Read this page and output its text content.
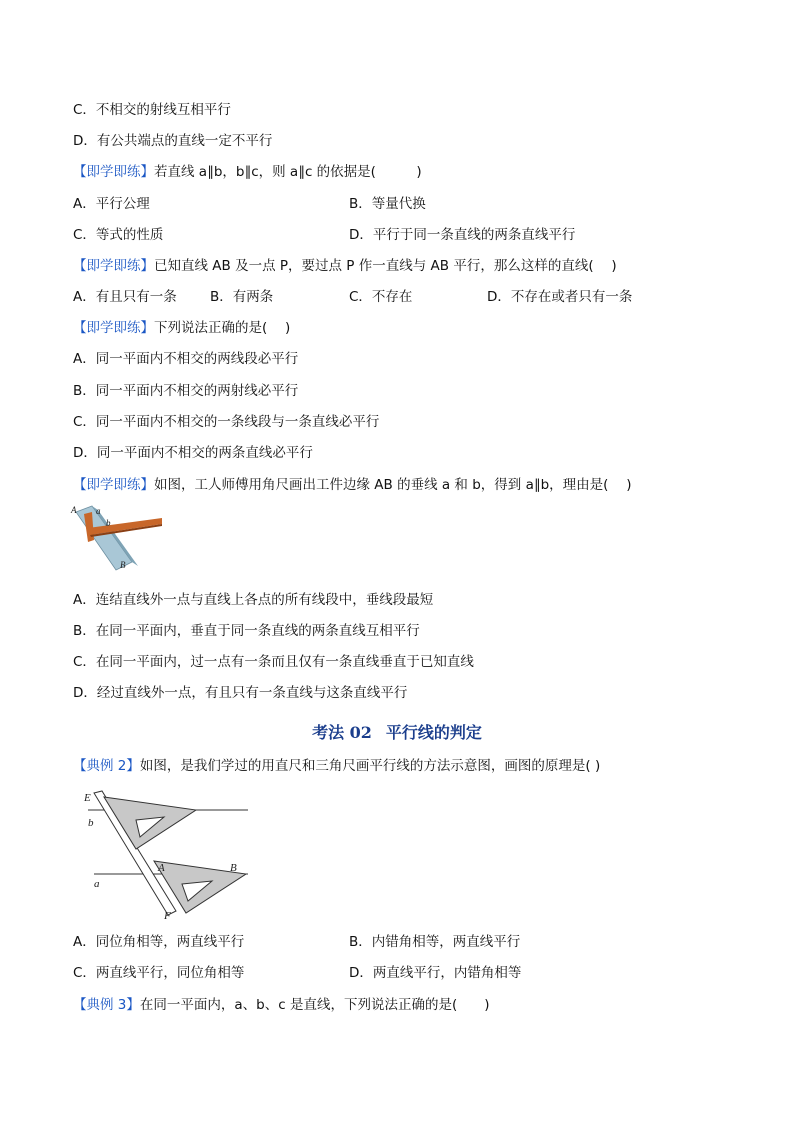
C．不相交的射线互相平行
D．有公共端点的直线一定不平行
【即学即练】若直线 a∥b，b∥c，则 a∥c 的依据是(　　　)
A．平行公理	B．等量代换
C．等式的性质	D．平行于同一条直线的两条直线平行
【即学即练】已知直线 AB 及一点 P，要过点 P 作一直线与 AB 平行，那么这样的直线(　 )
A．有且只有一条 B．有两条	C．不存在	D．不存在或者只有一条
【即学即练】下列说法正确的是(　 )
A．同一平面内不相交的两线段必平行
B．同一平面内不相交的两射线必平行
C．同一平面内不相交的一条线段与一条直线必平行
D．同一平面内不相交的两条直线必平行
【即学即练】如图，工人师傅用角尺画出工件边缘 AB 的垂线 a 和 b，得到 a∥b，理由是(　 )
A a
b
B
A．连结直线外一点与直线上各点的所有线段中，垂线段最短
B．在同一平面内，垂直于同一条直线的两条直线互相平行
C．在同一平面内，过一点有一条而且仅有一条直线垂直于已知直线
D．经过直线外一点，有且只有一条直线与这条直线平行
考法 02 平行线的判定
【典例 2】如图，是我们学过的用直尺和三角尺画平行线的方法示意图，画图的原理是( )
E
b
A	B
a
F
A．同位角相等，两直线平行	B．内错角相等，两直线平行
C．两直线平行，同位角相等	D．两直线平行，内错角相等
【典例 3】在同一平面内，a、b、c 是直线，下列说法正确的是(　　)
